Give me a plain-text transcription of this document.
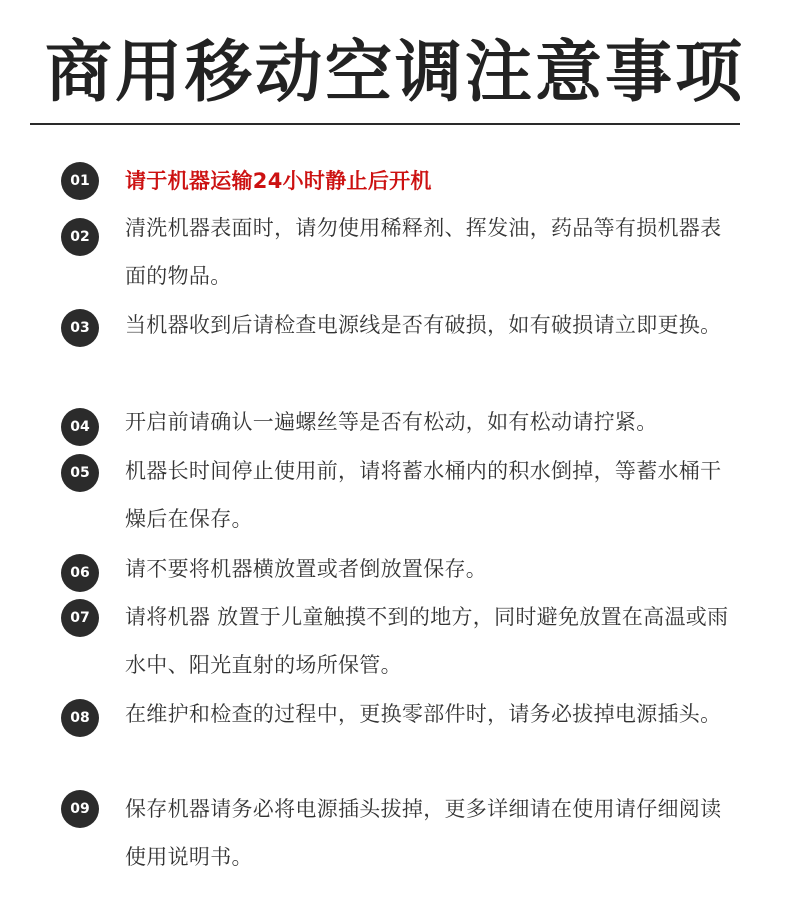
商用移动空调注意事项
01	请于机器运输24小时静止后开机
02	清洗机器表面时，请勿使用稀释剂、挥发油，药品等有损机器表面的物品。
03	当机器收到后请检查电源线是否有破损，如有破损请立即更换。
04	开启前请确认一遍螺丝等是否有松动，如有松动请拧紧。
05	机器长时间停止使用前，请将蓄水桶内的积水倒掉，等蓄水桶干燥后在保存。
06	请不要将机器横放置或者倒放置保存。
07	请将机器 放置于儿童触摸不到的地方，同时避免放置在高温或雨水中、阳光直射的场所保管。
08	在维护和检查的过程中，更换零部件时，请务必拔掉电源插头。
09	保存机器请务必将电源插头拔掉，更多详细请在使用请仔细阅读使用说明书。
